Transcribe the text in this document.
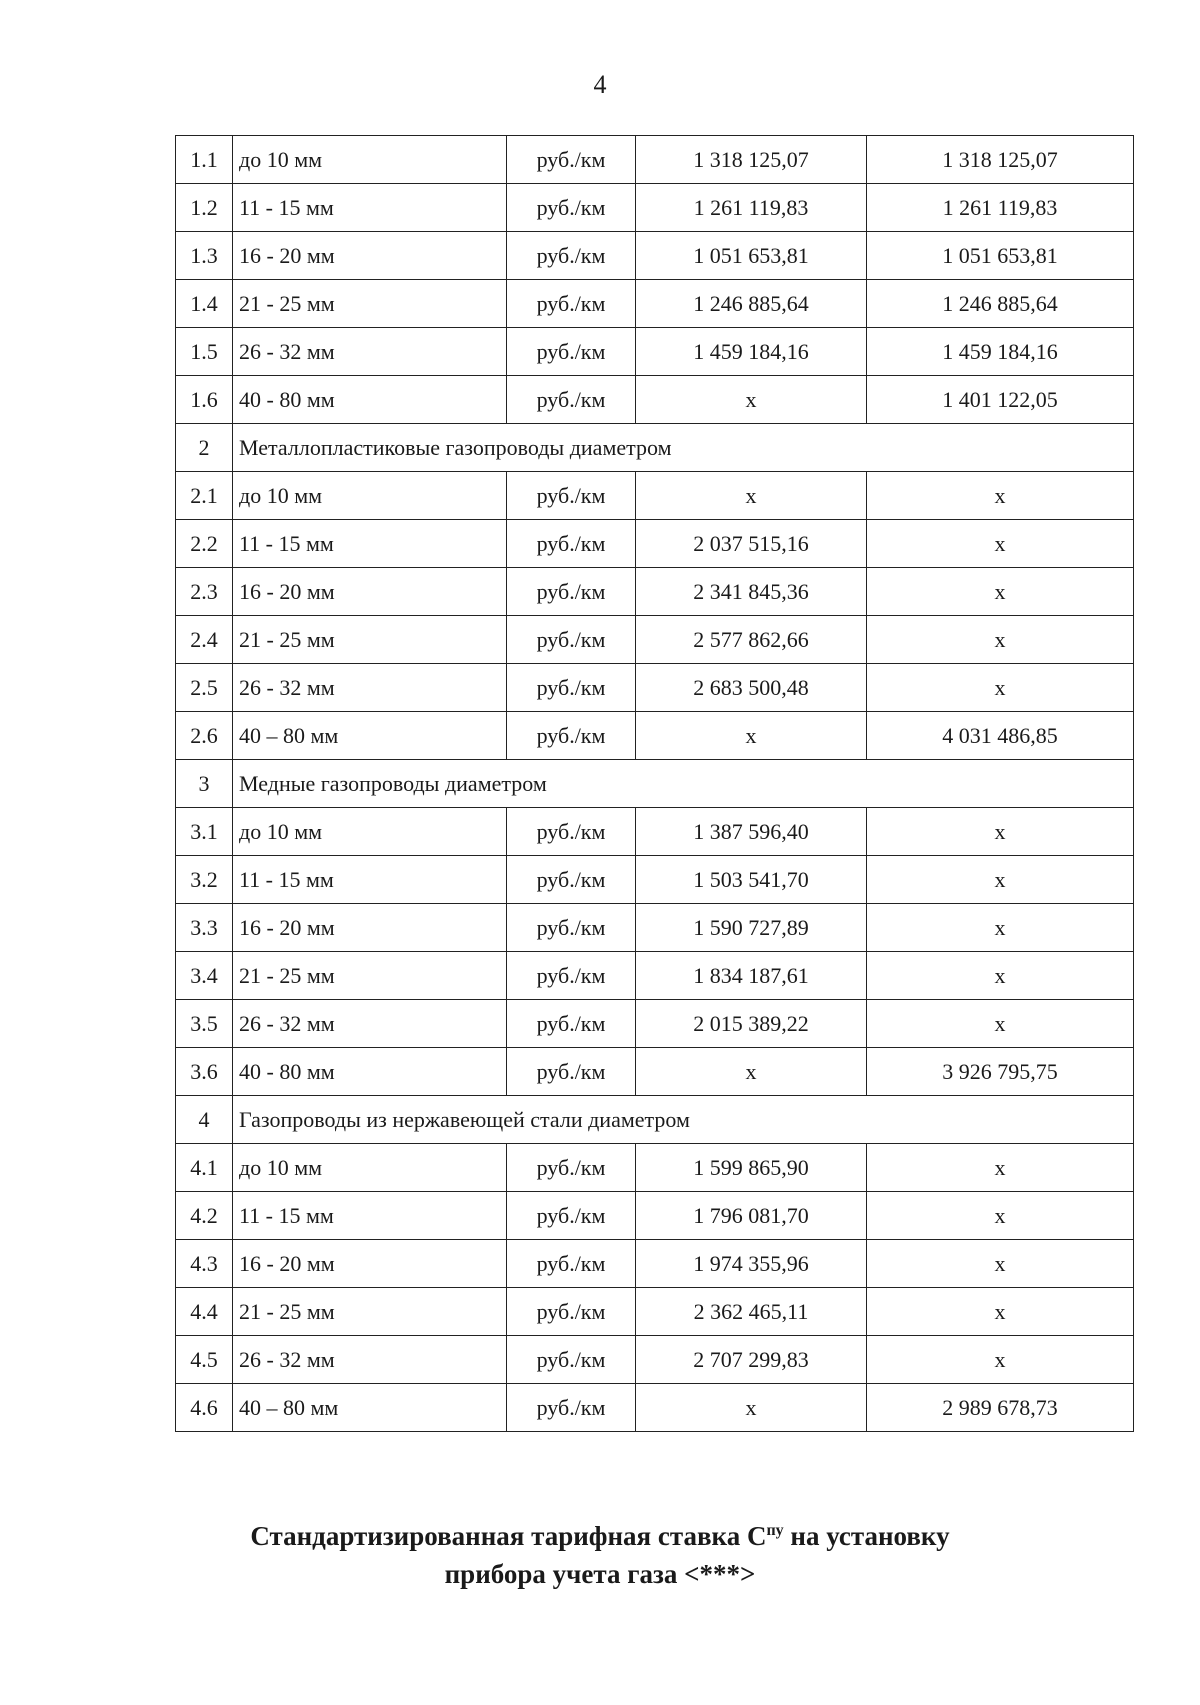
4
1.1	до 10 мм	руб./км	1 318 125,07	1 318 125,07
1.2	11 - 15 мм	руб./км	1 261 119,83	1 261 119,83
1.3	16 - 20 мм	руб./км	1 051 653,81	1 051 653,81
1.4	21 - 25 мм	руб./км	1 246 885,64	1 246 885,64
1.5	26 - 32 мм	руб./км	1 459 184,16	1 459 184,16
1.6	40 - 80 мм	руб./км	х	1 401 122,05
2	Металлопластиковые газопроводы диаметром			
2.1	до 10 мм	руб./км	х	х
2.2	11 - 15 мм	руб./км	2 037 515,16	х
2.3	16 - 20 мм	руб./км	2 341 845,36	х
2.4	21 - 25 мм	руб./км	2 577 862,66	х
2.5	26 - 32 мм	руб./км	2 683 500,48	х
2.6	40 – 80 мм	руб./км	х	4 031 486,85
3	Медные газопроводы диаметром			
3.1	до 10 мм	руб./км	1 387 596,40	х
3.2	11 - 15 мм	руб./км	1 503 541,70	х
3.3	16 - 20 мм	руб./км	1 590 727,89	х
3.4	21 - 25 мм	руб./км	1 834 187,61	х
3.5	26 - 32 мм	руб./км	2 015 389,22	х
3.6	40 - 80 мм	руб./км	х	3 926 795,75
4	Газопроводы из нержавеющей стали диаметром			
4.1	до 10 мм	руб./км	1 599 865,90	х
4.2	11 - 15 мм	руб./км	1 796 081,70	х
4.3	16 - 20 мм	руб./км	1 974 355,96	х
4.4	21 - 25 мм	руб./км	2 362 465,11	х
4.5	26 - 32 мм	руб./км	2 707 299,83	х
4.6	40 – 80 мм	руб./км	х	2 989 678,73
Стандартизированная тарифная ставка $С^{пу}$ на установку
прибора учета газа <***>
